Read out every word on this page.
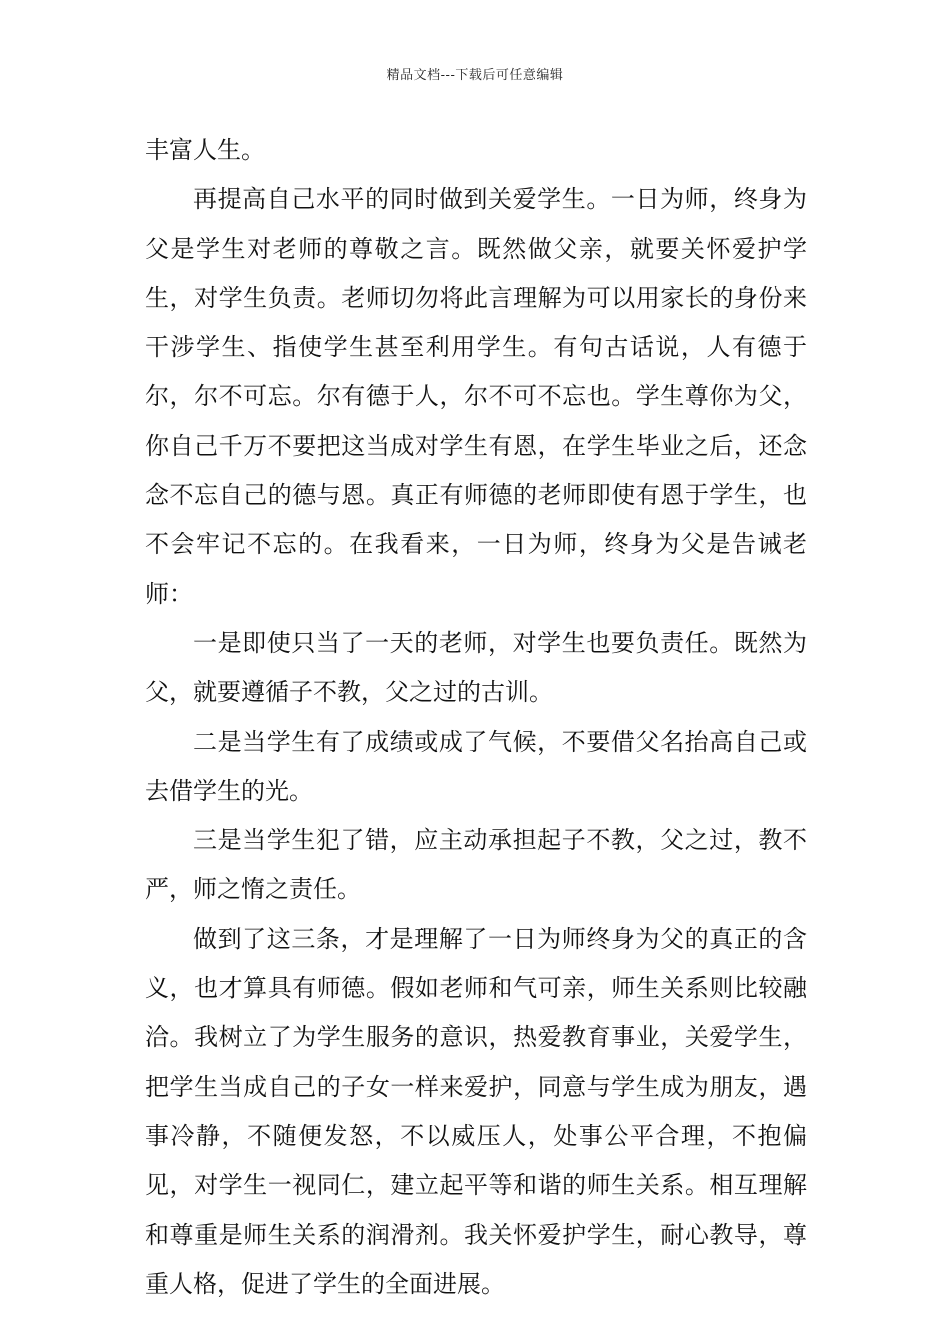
精品文档---下载后可任意编辑

丰富人生。

再提高自己水平的同时做到关爱学生。一日为师，终身为父是学生对老师的尊敬之言。既然做父亲，就要关怀爱护学生，对学生负责。老师切勿将此言理解为可以用家长的身份来干涉学生、指使学生甚至利用学生。有句古话说，人有德于尔，尔不可忘。尔有德于人，尔不可不忘也。学生尊你为父，你自己千万不要把这当成对学生有恩，在学生毕业之后，还念念不忘自己的德与恩。真正有师德的老师即使有恩于学生，也不会牢记不忘的。在我看来，一日为师，终身为父是告诫老师：

一是即使只当了一天的老师，对学生也要负责任。既然为父，就要遵循子不教，父之过的古训。

二是当学生有了成绩或成了气候，不要借父名抬高自己或去借学生的光。

三是当学生犯了错，应主动承担起子不教，父之过，教不严，师之惰之责任。

做到了这三条，才是理解了一日为师终身为父的真正的含义，也才算具有师德。假如老师和气可亲，师生关系则比较融洽。我树立了为学生服务的意识，热爱教育事业，关爱学生，把学生当成自己的子女一样来爱护，同意与学生成为朋友，遇事冷静，不随便发怒，不以威压人，处事公平合理，不抱偏见，对学生一视同仁，建立起平等和谐的师生关系。相互理解和尊重是师生关系的润滑剂。我关怀爱护学生，耐心教导，尊重人格，促进了学生的全面进展。
